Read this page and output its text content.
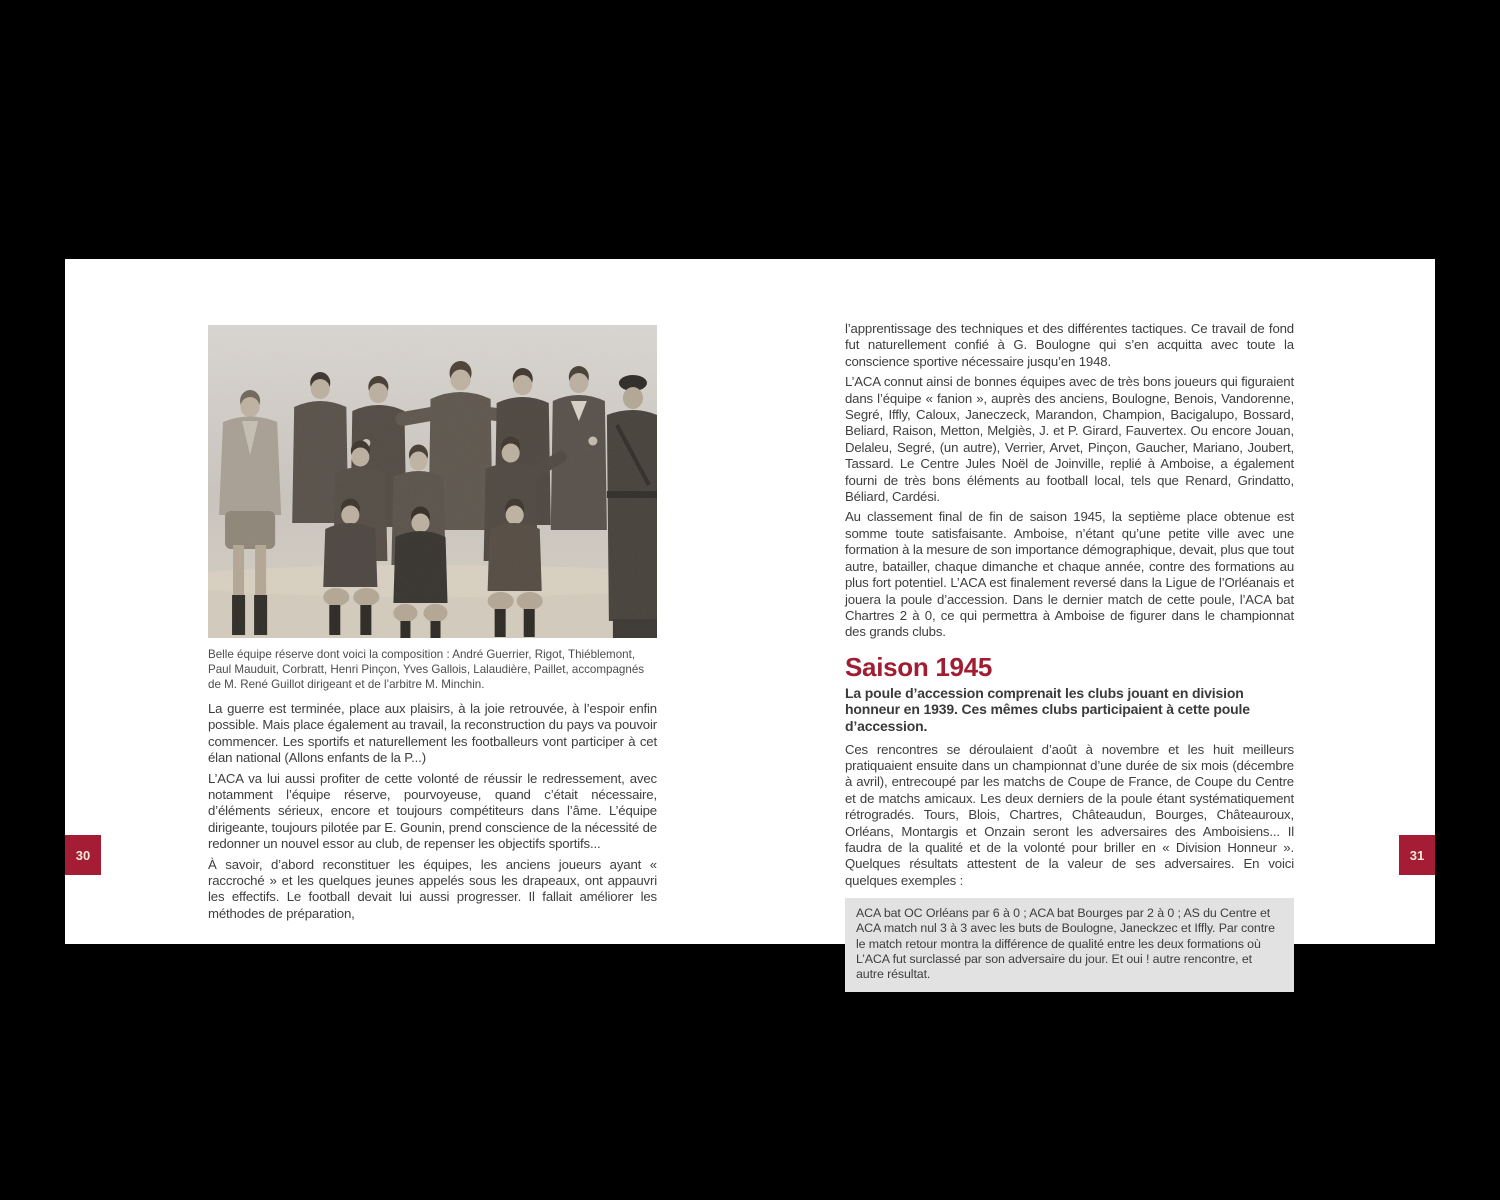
Belle équipe réserve dont voici la composition : André Guerrier, Rigot, Thiéblemont, Paul Mauduit, Corbratt, Henri Pinçon, Yves Gallois, Lalaudière, Paillet, accompagnés de M. René Guillot dirigeant et de l’arbitre M. Minchin.

La guerre est terminée, place aux plaisirs, à la joie retrouvée, à l’espoir enfin possible. Mais place également au travail, la reconstruction du pays va pouvoir commencer. Les sportifs et naturellement les footballeurs vont participer à cet élan national (Allons enfants de la P...)

L’ACA va lui aussi profiter de cette volonté de réussir le redressement, avec notamment l’équipe réserve, pourvoyeuse, quand c’était nécessaire, d’éléments sérieux, encore et toujours compétiteurs dans l’âme. L’équipe dirigeante, toujours pilotée par E. Gounin, prend conscience de la nécessité de redonner un nouvel essor au club, de repenser les objectifs sportifs...

À savoir, d’abord reconstituer les équipes, les anciens joueurs ayant « raccroché » et les quelques jeunes appelés sous les drapeaux, ont appauvri les effectifs. Le football devait lui aussi progresser. Il fallait améliorer les méthodes de préparation,

l’apprentissage des techniques et des différentes tactiques. Ce travail de fond fut naturellement confié à G. Boulogne qui s’en acquitta avec toute la conscience sportive nécessaire jusqu’en 1948.

L’ACA connut ainsi de bonnes équipes avec de très bons joueurs qui figuraient dans l’équipe « fanion », auprès des anciens, Boulogne, Benois, Vandorenne, Segré, Iffly, Caloux, Janeczeck, Marandon, Champion, Bacigalupo, Bossard, Beliard, Raison, Metton, Melgiès, J. et P. Girard, Fauvertex. Ou encore Jouan, Delaleu, Segré, (un autre), Verrier, Arvet, Pinçon, Gaucher, Mariano, Joubert, Tassard. Le Centre Jules Noël de Joinville, replié à Amboise, a également fourni de très bons éléments au football local, tels que Renard, Grindatto, Béliard, Cardési.

Au classement final de fin de saison 1945, la septième place obtenue est somme toute satisfaisante. Amboise, n’étant qu’une petite ville avec une formation à la mesure de son importance démographique, devait, plus que tout autre, batailler, chaque dimanche et chaque année, contre des formations au plus fort potentiel. L’ACA est finalement reversé dans la Ligue de l’Orléanais et jouera la poule d’accession. Dans le dernier match de cette poule, l’ACA bat Chartres 2 à 0, ce qui permettra à Amboise de figurer dans le championnat des grands clubs.

Saison 1945

La poule d’accession comprenait les clubs jouant en division honneur en 1939. Ces mêmes clubs participaient à cette poule d’accession.

Ces rencontres se déroulaient d’août à novembre et les huit meilleurs pratiquaient ensuite dans un championnat d’une durée de six mois (décembre à avril), entrecoupé par les matchs de Coupe de France, de Coupe du Centre et de matchs amicaux. Les deux derniers de la poule étant systématiquement rétrogradés. Tours, Blois, Chartres, Châteaudun, Bourges, Châteauroux, Orléans, Montargis et Onzain seront les adversaires des Amboisiens... Il faudra de la qualité et de la volonté pour briller en « Division Honneur ». Quelques résultats attestent de la valeur de ses adversaires. En voici quelques exemples :

ACA bat OC Orléans par 6 à 0 ; ACA bat Bourges par 2 à 0 ; AS du Centre et ACA match nul 3 à 3 avec les buts de Boulogne, Janeckzec et Iffly. Par contre le match retour montra la différence de qualité entre les deux formations où L’ACA fut surclassé par son adversaire du jour. Et oui ! autre rencontre, et autre résultat.
30	31
